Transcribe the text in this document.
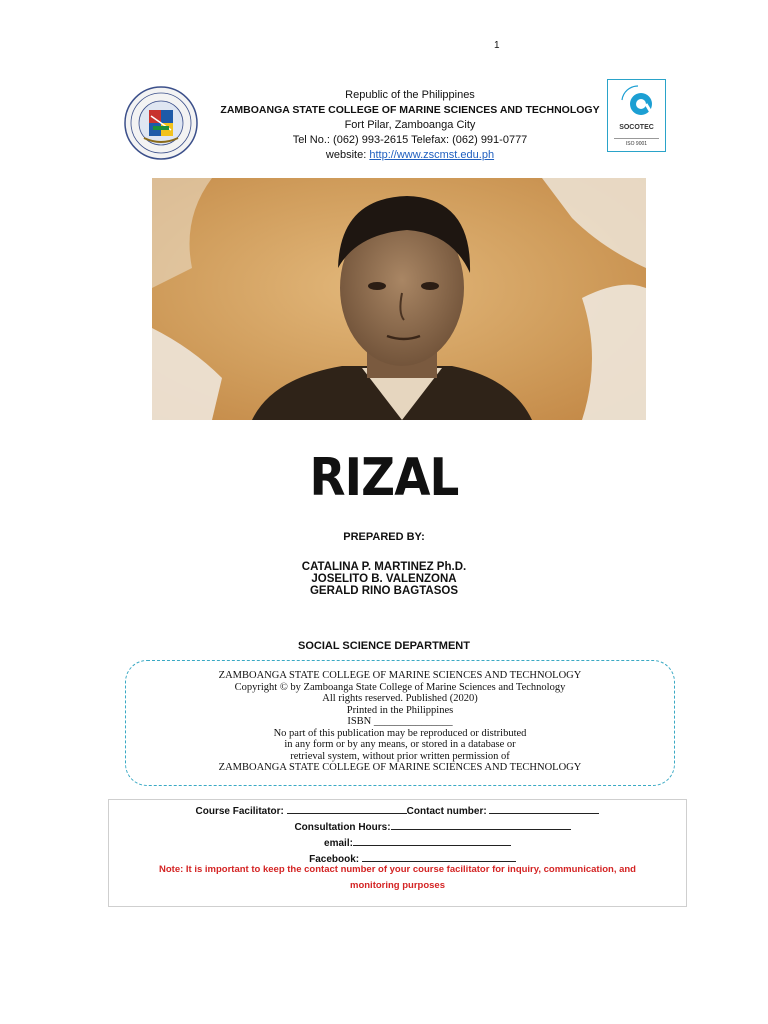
1
Republic of the Philippines
ZAMBOANGA STATE COLLEGE OF MARINE SCIENCES AND TECHNOLOGY
Fort Pilar, Zamboanga City
Tel No.: (062) 993-2615 Telefax: (062) 991-0777
website: http://www.zscmst.edu.ph
SOCOTEC
ISO 9001
RIZAL
PREPARED BY:
CATALINA P. MARTINEZ Ph.D.
JOSELITO B. VALENZONA
GERALD RINO BAGTASOS
SOCIAL SCIENCE DEPARTMENT
ZAMBOANGA STATE COLLEGE OF MARINE SCIENCES AND TECHNOLOGY
Copyright © by Zamboanga State College of Marine Sciences and Technology
All rights reserved. Published (2020)
Printed in the Philippines
ISBN _______________
No part of this publication may be reproduced or distributed
in any form or by any means, or stored in a database or
retrieval system, without prior written permission of
ZAMBOANGA STATE COLLEGE OF MARINE SCIENCES AND TECHNOLOGY
Course Facilitator:	Contact number:
Consultation Hours:
email:
Facebook:
Note: It is important to keep the contact number of your course facilitator for inquiry, communication, and monitoring purposes
